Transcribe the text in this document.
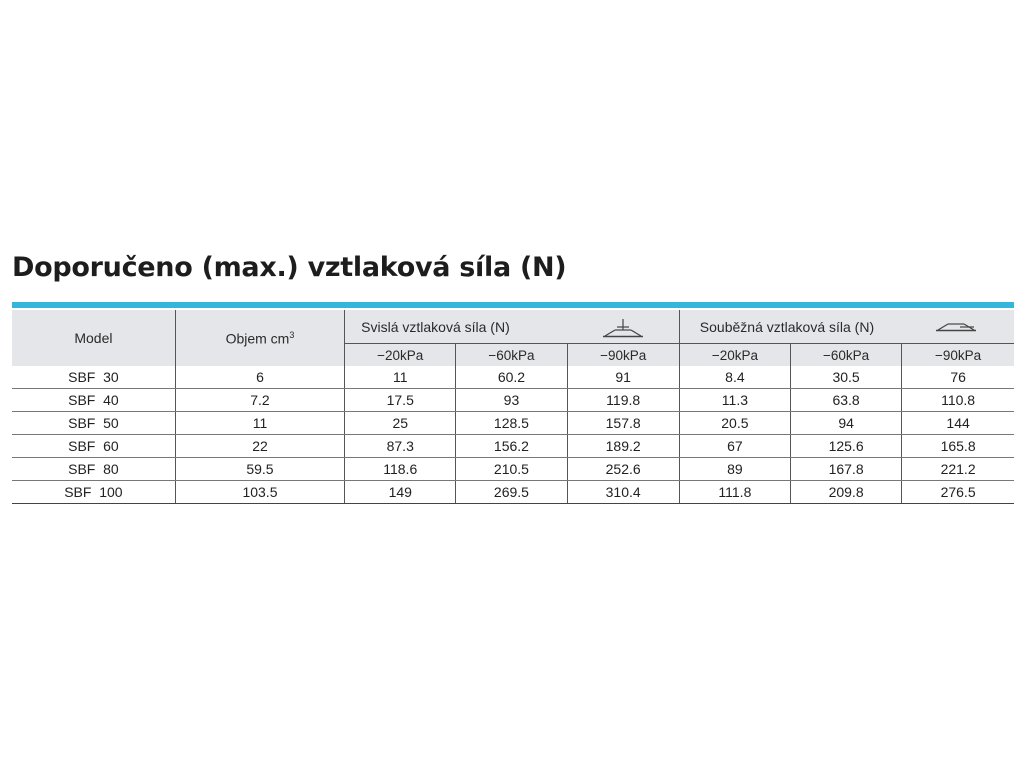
Doporučeno (max.) vztlaková síla (N)
Model	Objem $cm^3$	Svislá vztlaková síla (N)			Souběžná vztlaková síla (N)		

		−20kPa	−60kPa	−90kPa	−20kPa	−60kPa	−90kPa
SBF  30	6	11	60.2	91	8.4	30.5	76
SBF  40	7.2	17.5	93	119.8	11.3	63.8	110.8
SBF  50	11	25	128.5	157.8	20.5	94	144
SBF  60	22	87.3	156.2	189.2	67	125.6	165.8
SBF  80	59.5	118.6	210.5	252.6	89	167.8	221.2
SBF  100	103.5	149	269.5	310.4	111.8	209.8	276.5
